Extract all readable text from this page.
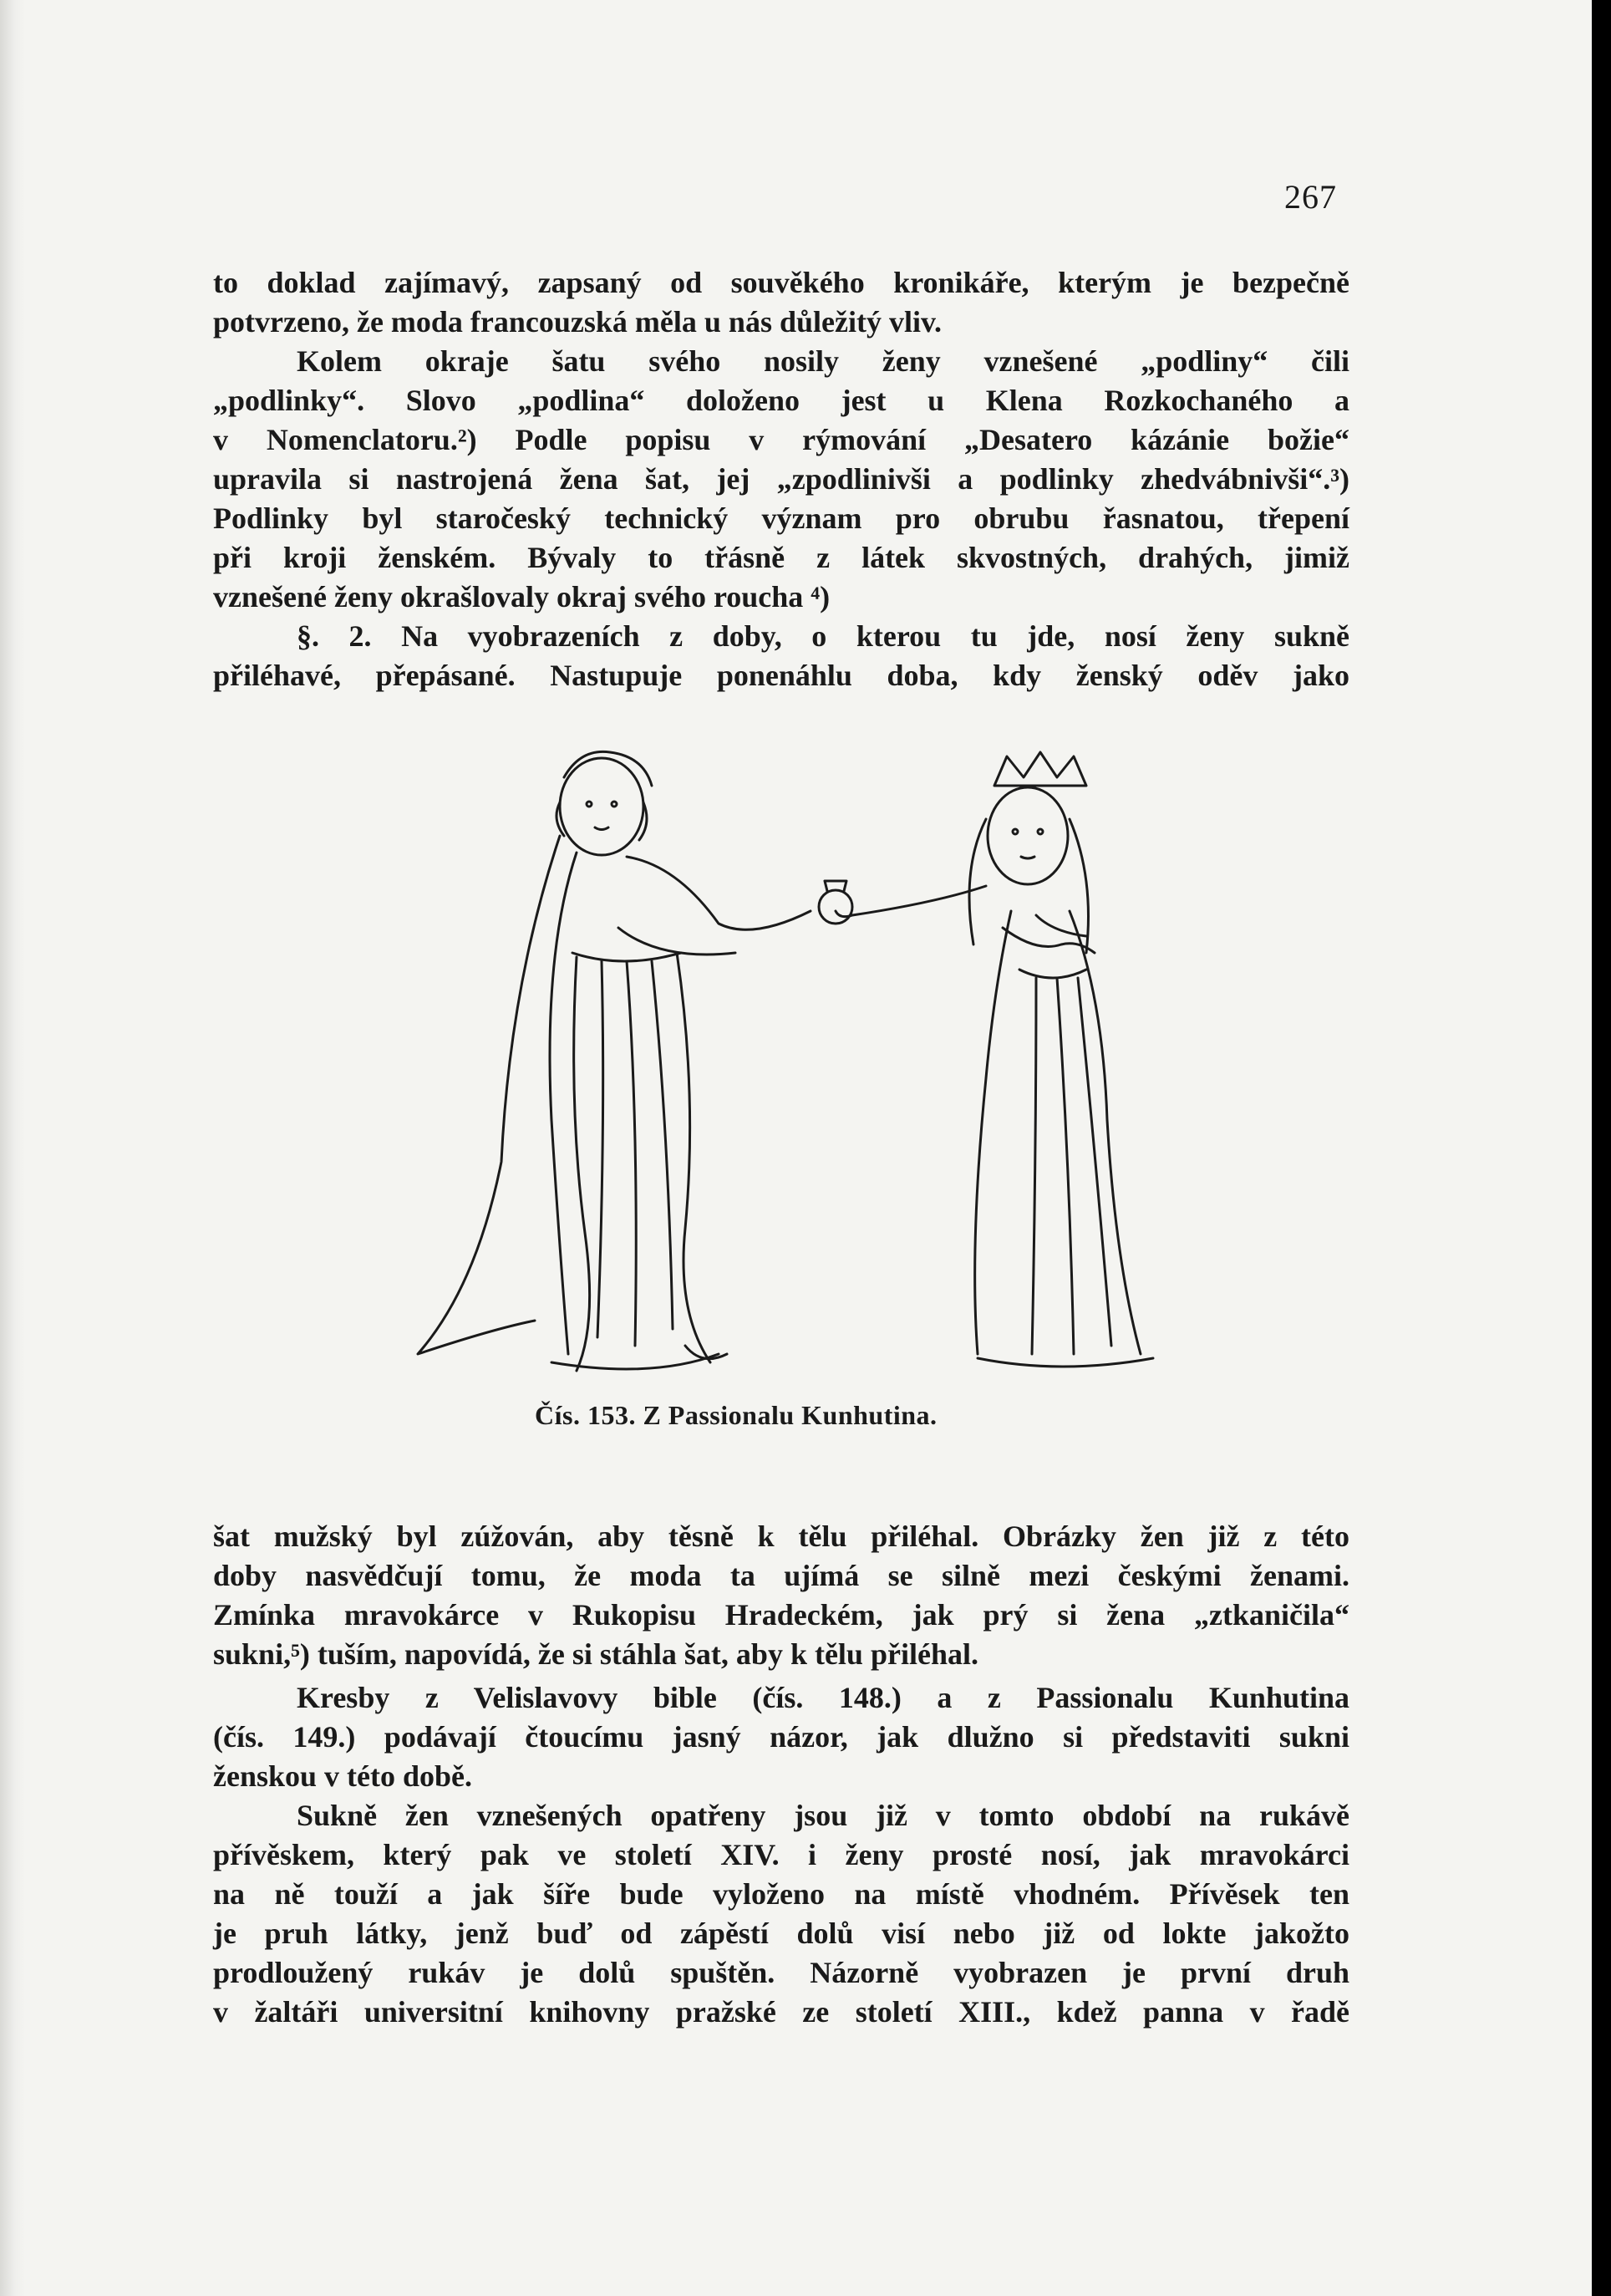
267
to doklad zajímavý, zapsaný od souvěkého kronikáře, kterým je bezpečně
potvrzeno, že moda francouzská měla u nás důležitý vliv.
Kolem okraje šatu svého nosily ženy vznešené „podliny“ čili
„podlinky“. Slovo „podlina“ doloženo jest u Klena Rozkochaného a
v Nomenclatoru.²) Podle popisu v rýmování „Desatero kázánie božie“
upravila si nastrojená žena šat, jej „zpodlinivši a podlinky zhedvábnivši“.³)
Podlinky byl staročeský technický význam pro obrubu řasnatou, třepení
při kroji ženském. Bývaly to třásně z látek skvostných, drahých, jimiž
vznešené ženy okrašlovaly okraj svého roucha ⁴)
§. 2. Na vyobrazeních z doby, o kterou tu jde, nosí ženy sukně
přiléhavé, přepásané. Nastupuje ponenáhlu doba, kdy ženský oděv jako
Čís. 153. Z Passionalu Kunhutina.
šat mužský byl zúžován, aby těsně k tělu přiléhal. Obrázky žen již z této
doby nasvědčují tomu, že moda ta ujímá se silně mezi českými ženami.
Zmínka mravokárce v Rukopisu Hradeckém, jak prý si žena „ztkaničila“
sukni,⁵) tuším, napovídá, že si stáhla šat, aby k tělu přiléhal.
Kresby z Velislavovy bible (čís. 148.) a z Passionalu Kunhutina
(čís. 149.) podávají čtoucímu jasný názor, jak dlužno si představiti sukni
ženskou v této době.
Sukně žen vznešených opatřeny jsou již v tomto období na rukávě
přívěskem, který pak ve století XIV. i ženy prosté nosí, jak mravokárci
na ně touží a jak šíře bude vyloženo na místě vhodném. Přívěsek ten
je pruh látky, jenž buď od zápěstí dolů visí nebo již od lokte jakožto
prodloužený rukáv je dolů spuštěn. Názorně vyobrazen je první druh
v žaltáři universitní knihovny pražské ze století XIII., kdež panna v řadě
